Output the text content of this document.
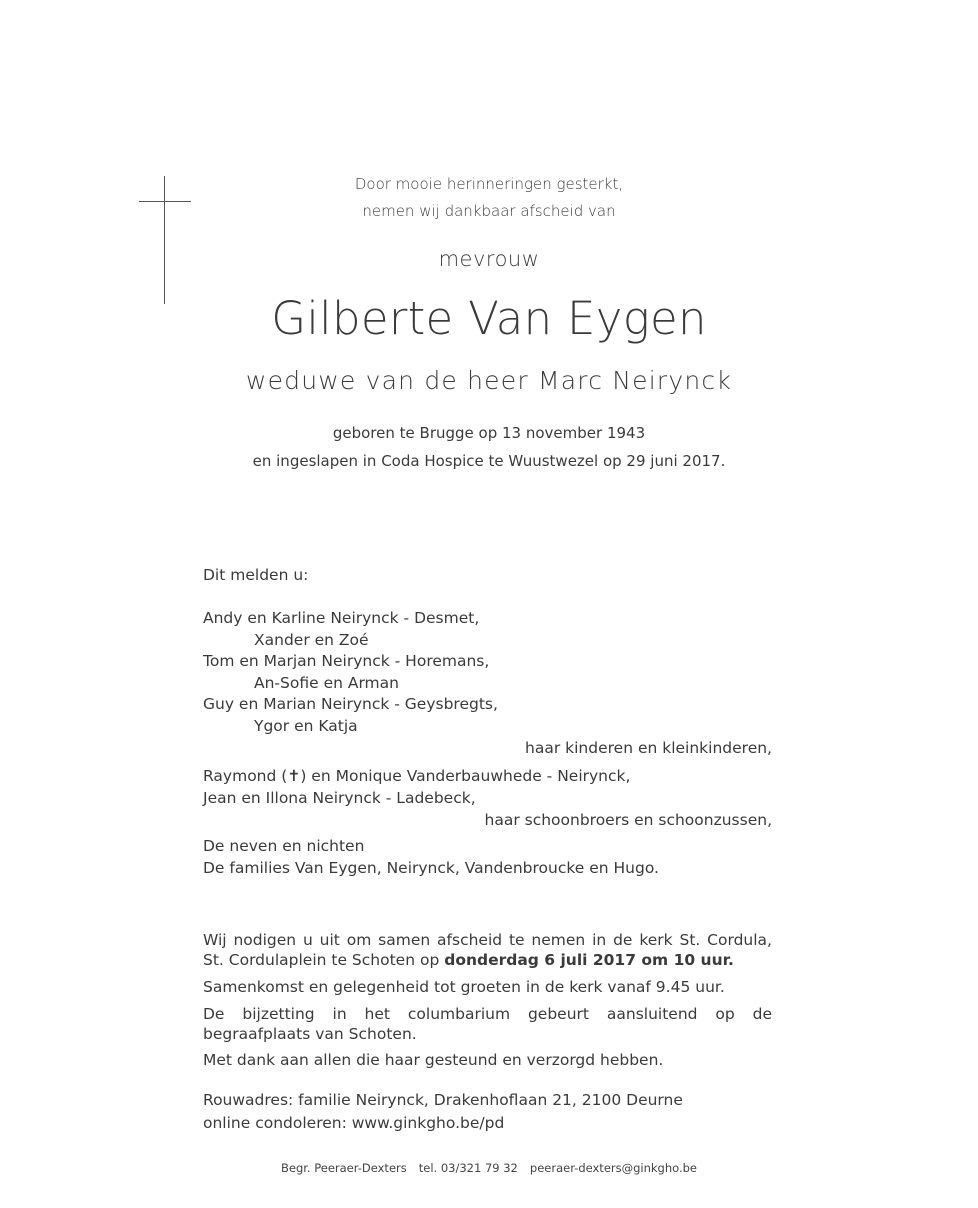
Door mooie herinneringen gesterkt,
nemen wij dankbaar afscheid van
mevrouw
Gilberte Van Eygen
weduwe van de heer Marc Neirynck
geboren te Brugge op 13 november 1943
en ingeslapen in Coda Hospice te Wuustwezel op 29 juni 2017.
Dit melden u:
Andy en Karline Neirynck - Desmet,
Xander en Zoé
Tom en Marjan Neirynck - Horemans,
An-Sofie en Arman
Guy en Marian Neirynck - Geysbregts,
Ygor en Katja
haar kinderen en kleinkinderen,
Raymond (✝) en Monique Vanderbauwhede - Neirynck,
Jean en Illona Neirynck - Ladebeck,
haar schoonbroers en schoonzussen,
De neven en nichten
De families Van Eygen, Neirynck, Vandenbroucke en Hugo.
Wij nodigen u uit om samen afscheid te nemen in de kerk St. Cordula, St. Cordulaplein te Schoten op donderdag 6 juli 2017 om 10 uur.
Samenkomst en gelegenheid tot groeten in de kerk vanaf 9.45 uur.
De bijzetting in het columbarium gebeurt aansluitend op de begraafplaats van Schoten.
Met dank aan allen die haar gesteund en verzorgd hebben.
Rouwadres: familie Neirynck, Drakenhoflaan 21, 2100 Deurne
online condoleren: www.ginkgho.be/pd
Begr. Peeraer-Dexters tel. 03/321 79 32 peeraer-dexters@ginkgho.be
